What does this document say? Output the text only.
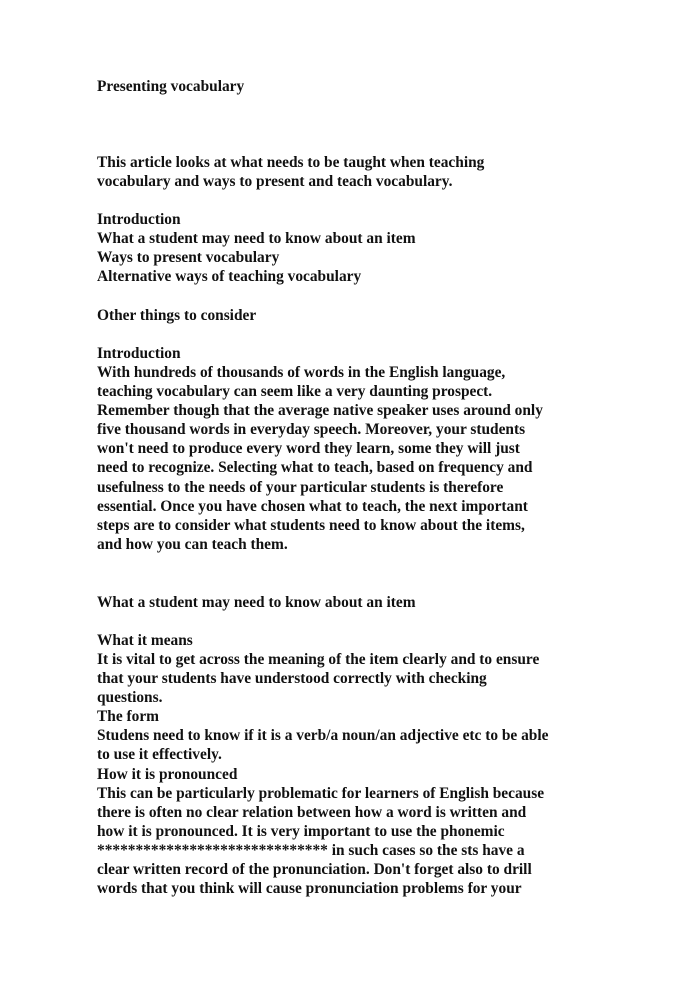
Presenting vocabulary

This article looks at what needs to be taught when teaching

vocabulary and ways to present and teach vocabulary.

Introduction

What a student may need to know about an item

Ways to present vocabulary

Alternative ways of teaching vocabulary

Other things to consider

Introduction

With hundreds of thousands of words in the English language,

teaching vocabulary can seem like a very daunting prospect.

Remember though that the average native speaker uses around only

five thousand words in everyday speech. Moreover, your students

won't need to produce every word they learn, some they will just

need to recognize. Selecting what to teach, based on frequency and

usefulness to the needs of your particular students is therefore

essential. Once you have chosen what to teach, the next important

steps are to consider what students need to know about the items,

and how you can teach them.

What a student may need to know about an item

What it means

It is vital to get across the meaning of the item clearly and to ensure

that your students have understood correctly with checking

questions.

The form

Studens need to know if it is a verb/a noun/an adjective etc to be able

to use it effectively.

How it is pronounced

This can be particularly problematic for learners of English because

there is often no clear relation between how a word is written and

how it is pronounced. It is very important to use the phonemic

****************************** in such cases so the sts have a

clear written record of the pronunciation. Don't forget also to drill

words that you think will cause pronunciation problems for your
